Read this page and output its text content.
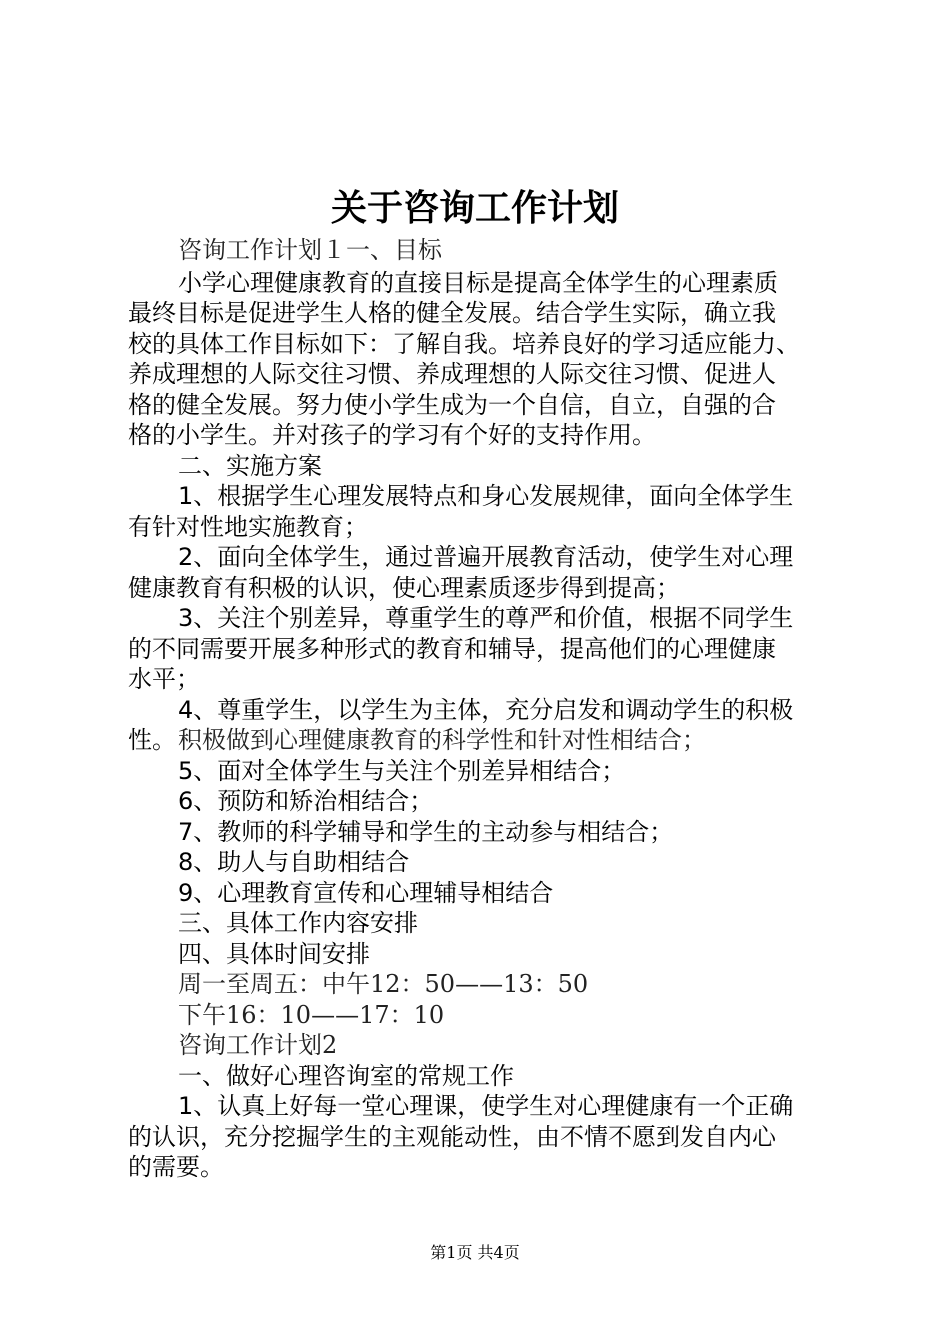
关于咨询工作计划
咨询工作计划１一、目标
小学心理健康教育的直接目标是提高全体学生的心理素质
最终目标是促进学生人格的健全发展。结合学生实际，确立我
校的具体工作目标如下：了解自我。培养良好的学习适应能力、
养成理想的人际交往习惯、养成理想的人际交往习惯、促进人
格的健全发展。努力使小学生成为一个自信，自立，自强的合
格的小学生。并对孩子的学习有个好的支持作用。
二、实施方案
1、根据学生心理发展特点和身心发展规律，面向全体学生
有针对性地实施教育；
2、面向全体学生，通过普遍开展教育活动，使学生对心理
健康教育有积极的认识，使心理素质逐步得到提高；
3、关注个别差异，尊重学生的尊严和价值，根据不同学生
的不同需要开展多种形式的教育和辅导，提高他们的心理健康
水平；
4、尊重学生，以学生为主体，充分启发和调动学生的积极
性。 积极做到心理健康教育的科学性和针对性相结合；
5、面对全体学生与关注个别差异相结合；
6、预防和矫治相结合；
7、教师的科学辅导和学生的主动参与相结合；
8、助人与自助相结合
9、心理教育宣传和心理辅导相结合
三、具体工作内容安排
四、具体时间安排
周一至周五：中午12：50——13：50
下午16：10——17：10
咨询工作计划2
一、做好心理咨询室的常规工作
1、认真上好每一堂心理课，使学生对心理健康有一个正确
的认识，充分挖掘学生的主观能动性，由不情不愿到发自内心
的需要。
第1页 共4页
